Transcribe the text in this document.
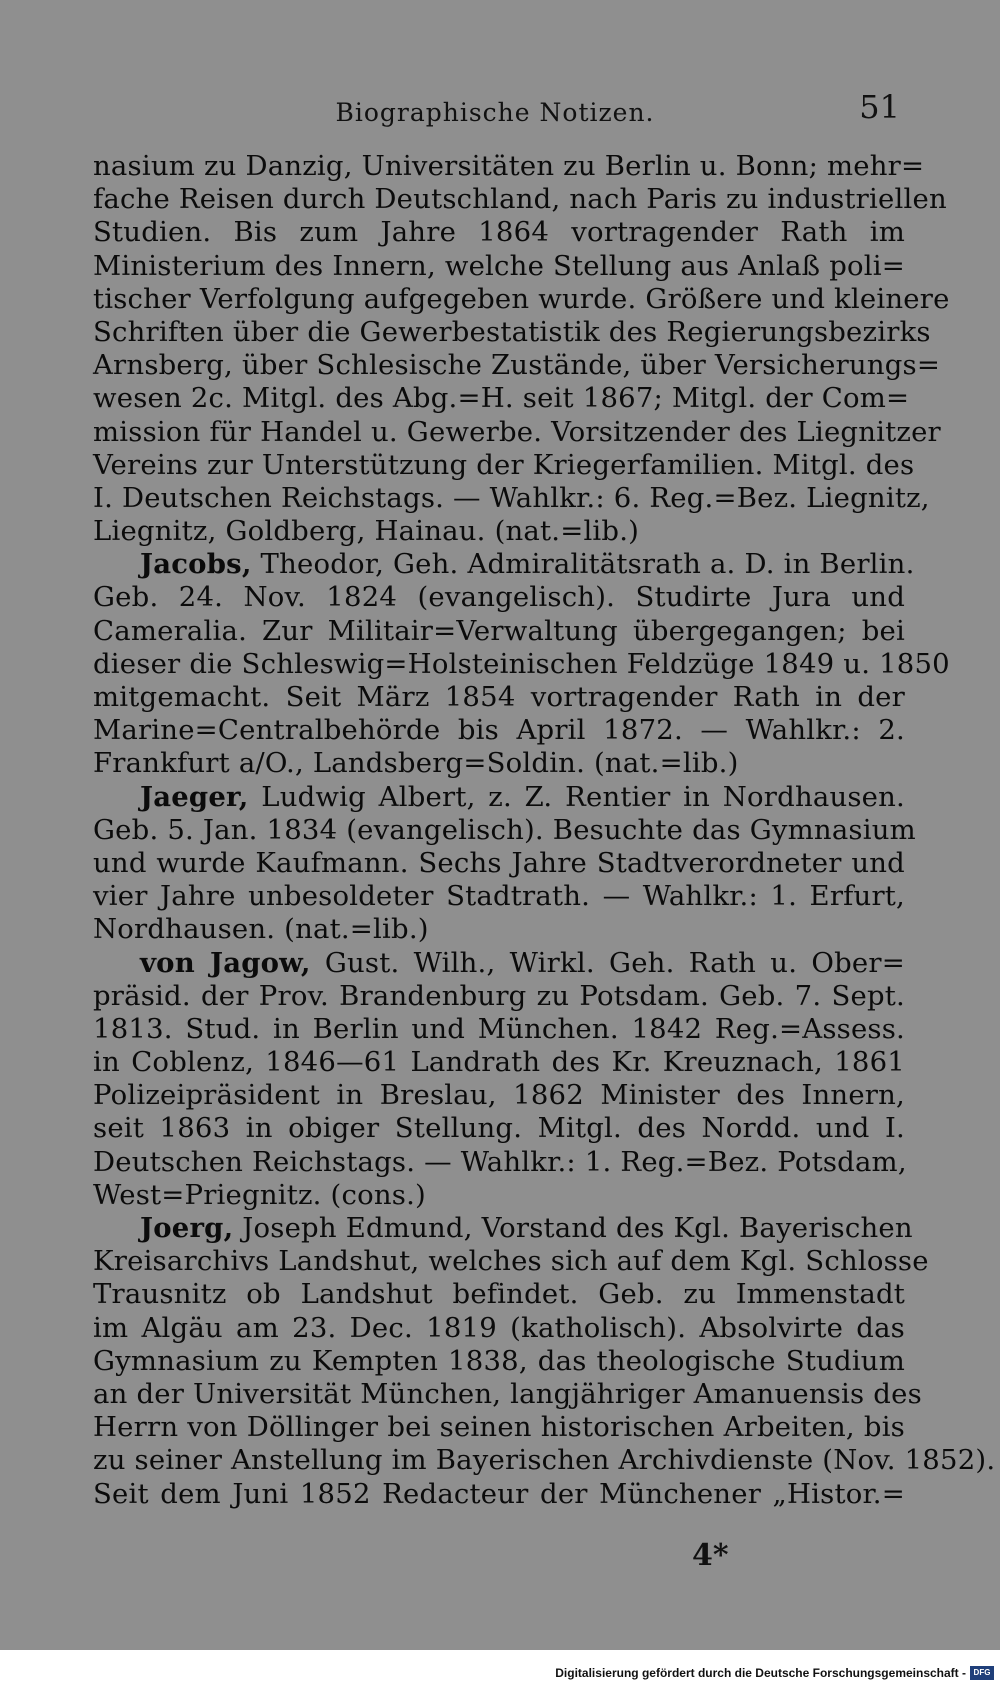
Biographische Notizen.	51
nasium zu Danzig, Universitäten zu Berlin u. Bonn; mehr=
fache Reisen durch Deutschland, nach Paris zu industriellen
Studien. Bis zum Jahre 1864 vortragender Rath im
Ministerium des Innern, welche Stellung aus Anlaß poli=
tischer Verfolgung aufgegeben wurde. Größere und kleinere
Schriften über die Gewerbestatistik des Regierungsbezirks
Arnsberg, über Schlesische Zustände, über Versicherungs=
wesen 2c. Mitgl. des Abg.=H. seit 1867; Mitgl. der Com=
mission für Handel u. Gewerbe. Vorsitzender des Liegnitzer
Vereins zur Unterstützung der Kriegerfamilien. Mitgl. des
I. Deutschen Reichstags. — Wahlkr.: 6. Reg.=Bez. Liegnitz,
Liegnitz, Goldberg, Hainau. (nat.=lib.)
Jacobs, Theodor, Geh. Admiralitätsrath a. D. in Berlin.
Geb. 24. Nov. 1824 (evangelisch). Studirte Jura und
Cameralia. Zur Militair=Verwaltung übergegangen; bei
dieser die Schleswig=Holsteinischen Feldzüge 1849 u. 1850
mitgemacht. Seit März 1854 vortragender Rath in der
Marine=Centralbehörde bis April 1872. — Wahlkr.: 2.
Frankfurt a/O., Landsberg=Soldin. (nat.=lib.)
Jaeger, Ludwig Albert, z. Z. Rentier in Nordhausen.
Geb. 5. Jan. 1834 (evangelisch). Besuchte das Gymnasium
und wurde Kaufmann. Sechs Jahre Stadtverordneter und
vier Jahre unbesoldeter Stadtrath. — Wahlkr.: 1. Erfurt,
Nordhausen. (nat.=lib.)
von Jagow, Gust. Wilh., Wirkl. Geh. Rath u. Ober=
präsid. der Prov. Brandenburg zu Potsdam. Geb. 7. Sept.
1813. Stud. in Berlin und München. 1842 Reg.=Assess.
in Coblenz, 1846—61 Landrath des Kr. Kreuznach, 1861
Polizeipräsident in Breslau, 1862 Minister des Innern,
seit 1863 in obiger Stellung. Mitgl. des Nordd. und I.
Deutschen Reichstags. — Wahlkr.: 1. Reg.=Bez. Potsdam,
West=Priegnitz. (cons.)
Joerg, Joseph Edmund, Vorstand des Kgl. Bayerischen
Kreisarchivs Landshut, welches sich auf dem Kgl. Schlosse
Trausnitz ob Landshut befindet. Geb. zu Immenstadt
im Algäu am 23. Dec. 1819 (katholisch). Absolvirte das
Gymnasium zu Kempten 1838, das theologische Studium
an der Universität München, langjähriger Amanuensis des
Herrn von Döllinger bei seinen historischen Arbeiten, bis
zu seiner Anstellung im Bayerischen Archivdienste (Nov. 1852).
Seit dem Juni 1852 Redacteur der Münchener „Histor.=
4*
Digitalisierung gefördert durch die Deutsche Forschungsgemeinschaft - DFG
